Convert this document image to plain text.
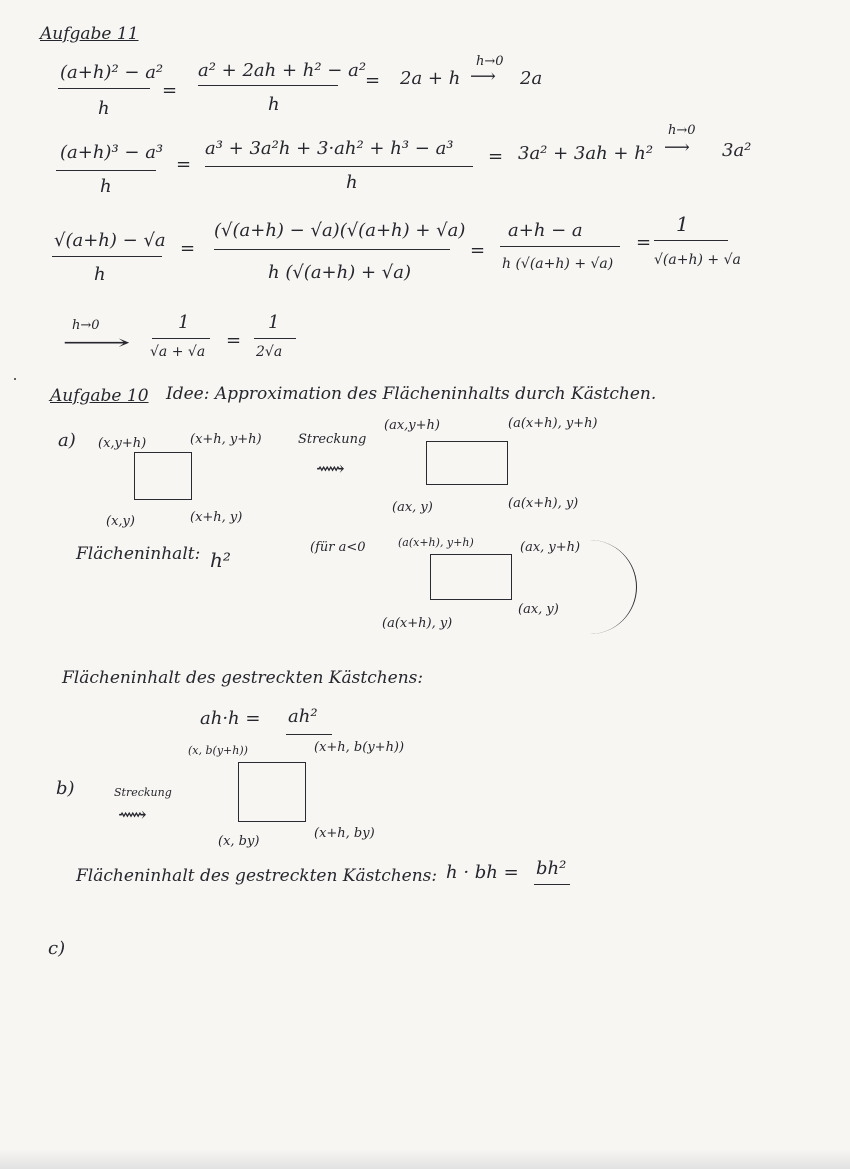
Aufgabe 11
(a+h)² − a²
h
=
a² + 2ah + h² − a²
h
= 2a + h
h→0
⟶ 2a
(a+h)³ − a³
h
=
a³ + 3a²h + 3·ah² + h³ − a³
h
= 3a² + 3ah + h²
h→0
⟶ 3a²
√(a+h) − √a
h
=
(√(a+h) − √a)(√(a+h) + √a)
h (√(a+h) + √a)
=
a+h − a
h (√(a+h) + √a)
=
1
√(a+h) + √a
h→0
⟶
1
√a + √a
=
1
2√a
Aufgabe 10 Idee: Approximation des Flächeninhalts durch Kästchen.
a) (x,y+h)	(x+h, y+h)
(x,y)	(x+h, y)
Streckung
⟿
(ax,y+h)	(a(x+h), y+h)
(ax, y)	(a(x+h), y)
Flächeninhalt: h²
(für a<0	(a(x+h), y+h)	(ax, y+h)
(a(x+h), y)
(ax, y)
Flächeninhalt des gestreckten Kästchens:
ah·h = ah²
b)	Streckung
⟿
(x, b(y+h))	(x+h, b(y+h))
(x, by)
(x+h, by)
Flächeninhalt des gestreckten Kästchens: h · bh = bh²
c)
